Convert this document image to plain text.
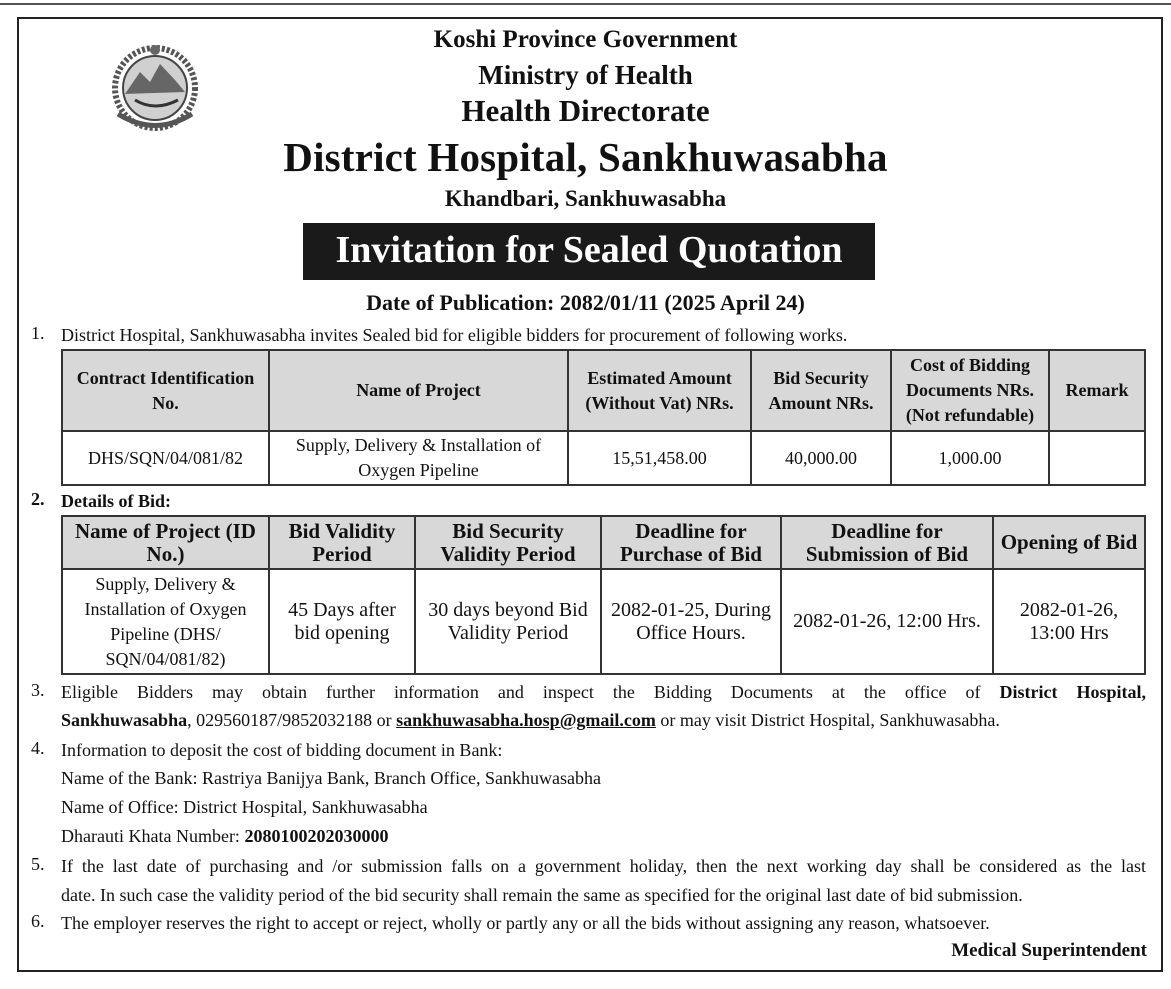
Koshi Province Government
Ministry of Health
Health Directorate
District Hospital, Sankhuwasabha
Khandbari, Sankhuwasabha
Invitation for Sealed Quotation
Date of Publication: 2082/01/11 (2025 April 24)
1. District Hospital, Sankhuwasabha invites Sealed bid for eligible bidders for procurement of following works.
Contract Identification No.	Name of Project	Estimated Amount (Without Vat) NRs.	Bid Security Amount NRs.	Cost of Bidding Documents NRs. (Not refundable)	Remark
DHS/SQN/04/081/82	Supply, Delivery & Installation of Oxygen Pipeline	15,51,458.00	40,000.00	1,000.00	
2. Details of Bid:
Name of Project (ID No.)	Bid Validity Period	Bid Security Validity Period	Deadline for Purchase of Bid	Deadline for Submission of Bid	Opening of Bid
Supply, Delivery & Installation of Oxygen Pipeline (DHS/ SQN/04/081/82)	45 Days after bid opening	30 days beyond Bid Validity Period	2082-01-25, During Office Hours.	2082-01-26, 12:00 Hrs.	2082-01-26, 13:00 Hrs
3. Eligible Bidders may obtain further information and inspect the Bidding Documents at the office of District Hospital,
Sankhuwasabha, 029560187/9852032188 or sankhuwasabha.hosp@gmail.com or may visit District Hospital, Sankhuwasabha.
4. Information to deposit the cost of bidding document in Bank:
Name of the Bank: Rastriya Banijya Bank, Branch Office, Sankhuwasabha
Name of Office: District Hospital, Sankhuwasabha
Dharauti Khata Number: 2080100202030000
5. If the last date of purchasing and /or submission falls on a government holiday, then the next working day shall be considered as the last
date. In such case the validity period of the bid security shall remain the same as specified for the original last date of bid submission.
6. The employer reserves the right to accept or reject, wholly or partly any or all the bids without assigning any reason, whatsoever.
Medical Superintendent
